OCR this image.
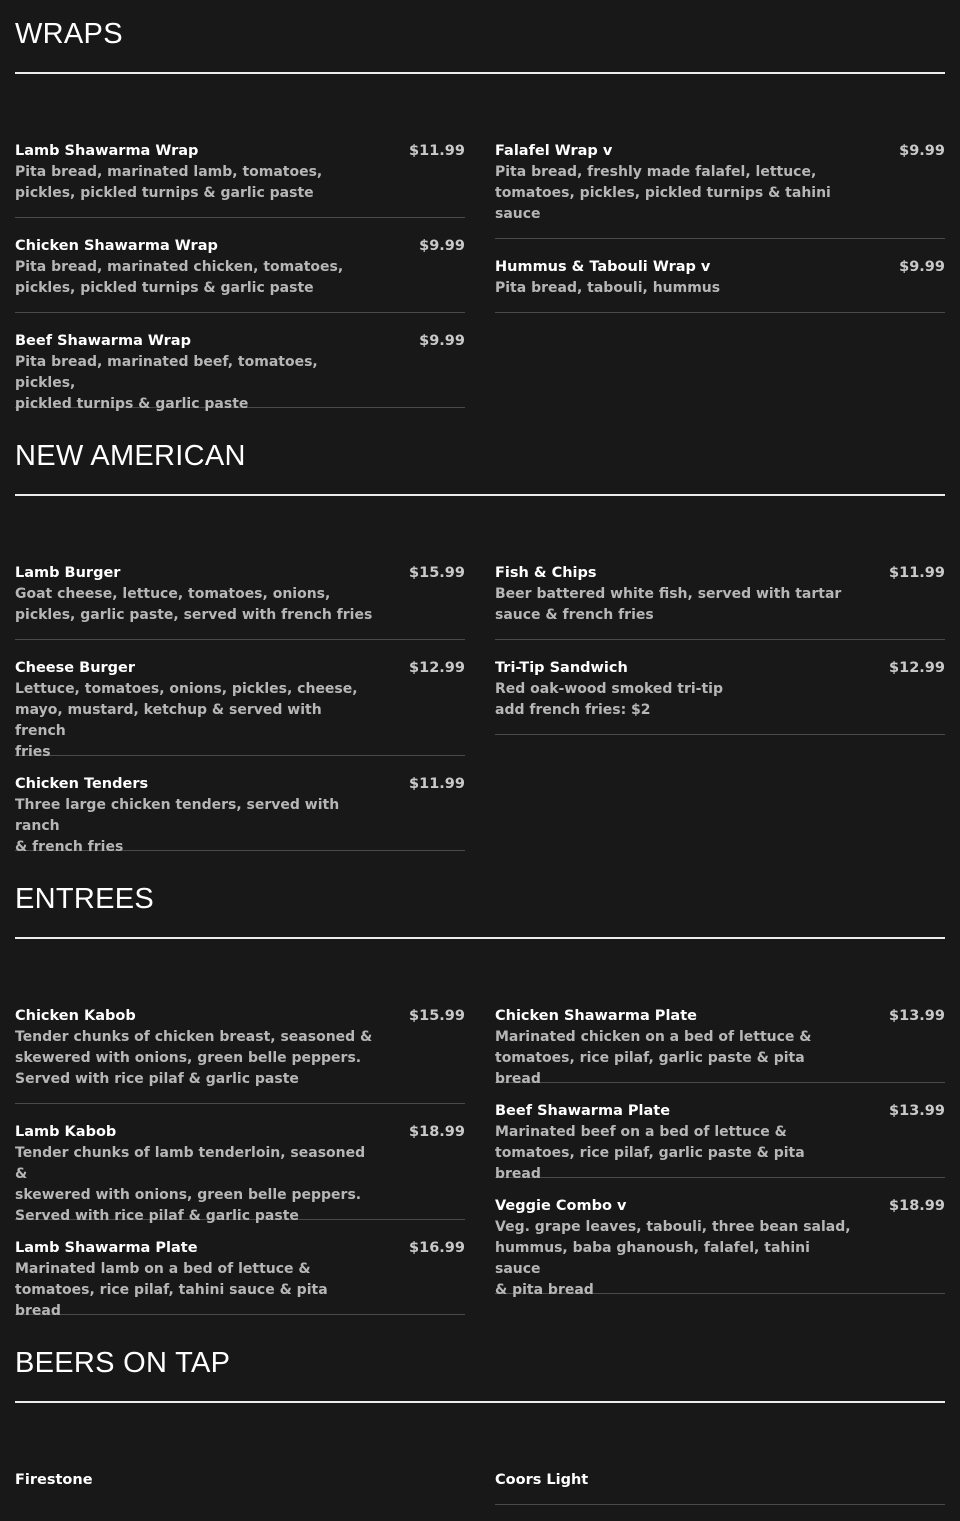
WRAPS
Lamb Shawarma Wrap	$11.99
Pita bread, marinated lamb, tomatoes,
pickles, pickled turnips & garlic paste
Chicken Shawarma Wrap	$9.99
Pita bread, marinated chicken, tomatoes,
pickles, pickled turnips & garlic paste
Beef Shawarma Wrap	$9.99
Pita bread, marinated beef, tomatoes, pickles,
pickled turnips & garlic paste
Falafel Wrap v	$9.99
Pita bread, freshly made falafel, lettuce,
tomatoes, pickles, pickled turnips & tahini
sauce
Hummus & Tabouli Wrap v	$9.99
Pita bread, tabouli, hummus
NEW AMERICAN
Lamb Burger	$15.99
Goat cheese, lettuce, tomatoes, onions,
pickles, garlic paste, served with french fries
Cheese Burger	$12.99
Lettuce, tomatoes, onions, pickles, cheese,
mayo, mustard, ketchup & served with french
fries
Chicken Tenders	$11.99
Three large chicken tenders, served with ranch
& french fries
Fish & Chips	$11.99
Beer battered white fish, served with tartar
sauce & french fries
Tri-Tip Sandwich	$12.99
Red oak-wood smoked tri-tip
add french fries: $2
ENTREES
Chicken Kabob	$15.99
Tender chunks of chicken breast, seasoned &
skewered with onions, green belle peppers.
Served with rice pilaf & garlic paste
Lamb Kabob	$18.99
Tender chunks of lamb tenderloin, seasoned &
skewered with onions, green belle peppers.
Served with rice pilaf & garlic paste
Lamb Shawarma Plate	$16.99
Marinated lamb on a bed of lettuce &
tomatoes, rice pilaf, tahini sauce & pita bread
Chicken Shawarma Plate	$13.99
Marinated chicken on a bed of lettuce &
tomatoes, rice pilaf, garlic paste & pita bread
Beef Shawarma Plate	$13.99
Marinated beef on a bed of lettuce &
tomatoes, rice pilaf, garlic paste & pita bread
Veggie Combo v	$18.99
Veg. grape leaves, tabouli, three bean salad,
hummus, baba ghanoush, falafel, tahini sauce
& pita bread
BEERS ON TAP
Firestone	Coors Light
